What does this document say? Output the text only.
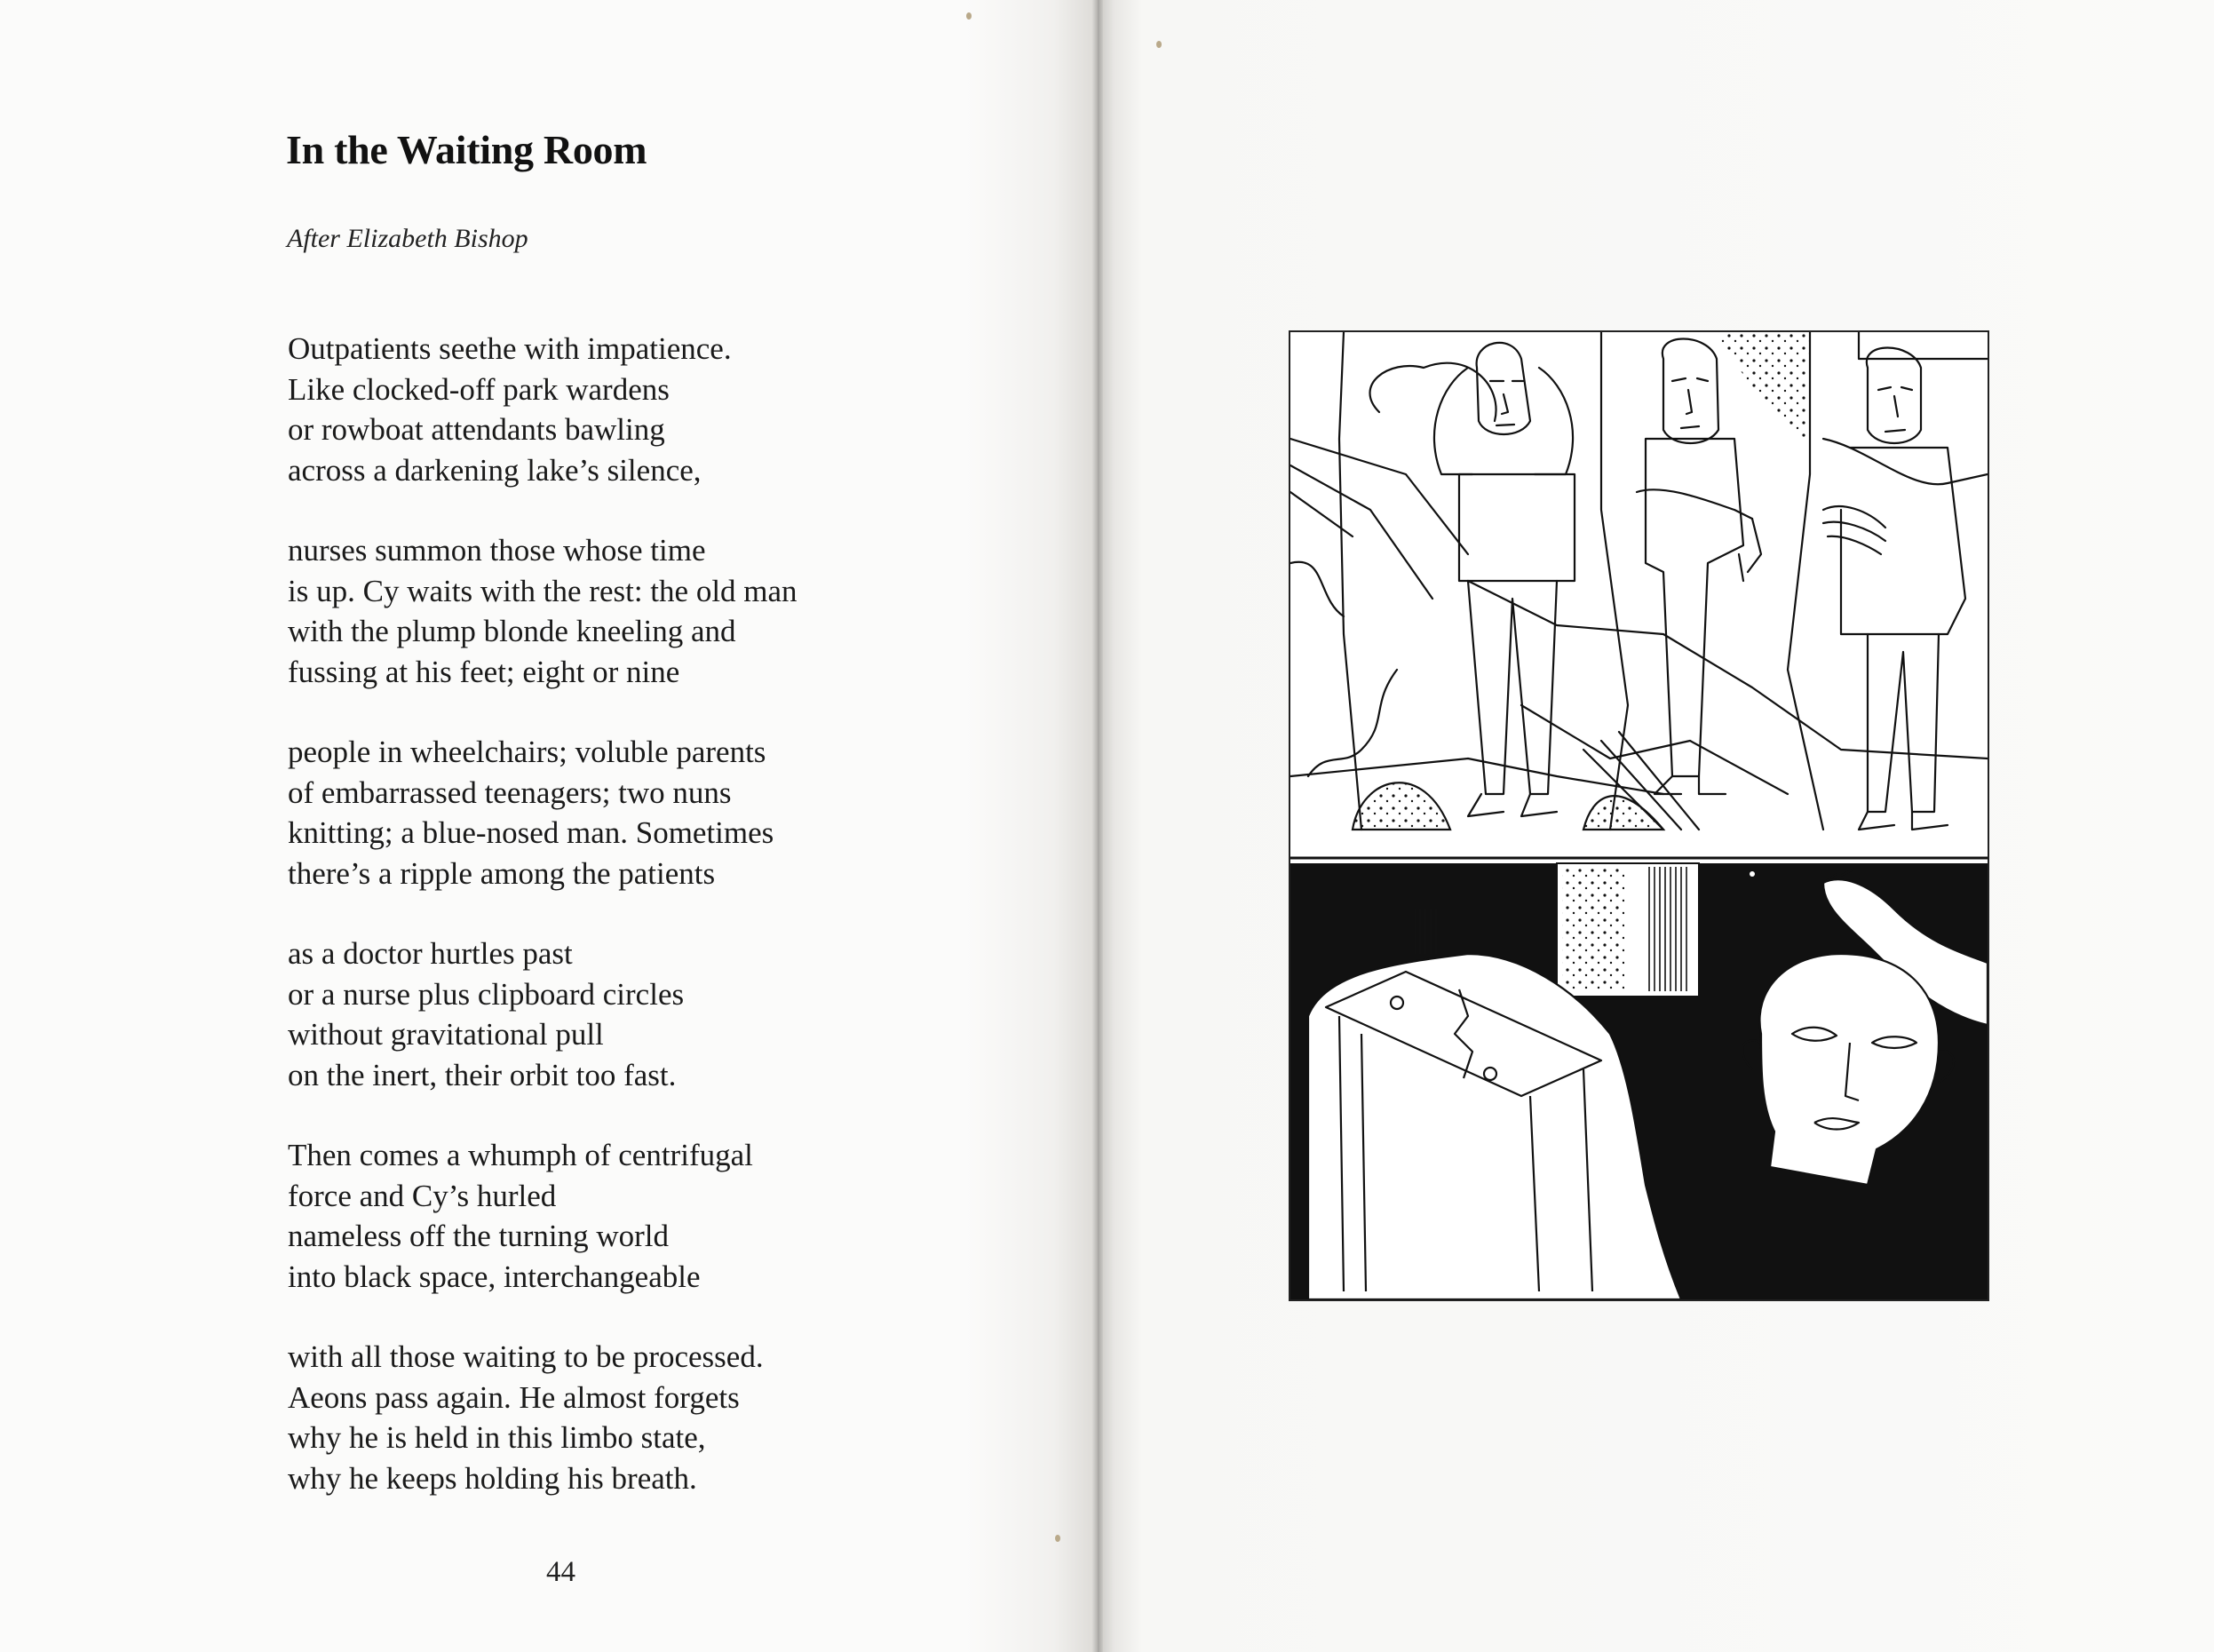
In the Waiting Room

After Elizabeth Bishop

Outpatients seethe with impatience.
Like clocked-off park wardens
or rowboat attendants bawling
across a darkening lake’s silence,

nurses summon those whose time
is up. Cy waits with the rest: the old man
with the plump blonde kneeling and
fussing at his feet; eight or nine

people in wheelchairs; voluble parents
of embarrassed teenagers; two nuns
knitting; a blue-nosed man. Sometimes
there’s a ripple among the patients

as a doctor hurtles past
or a nurse plus clipboard circles
without gravitational pull
on the inert, their orbit too fast.

Then comes a whumph of centrifugal
force and Cy’s hurled
nameless off the turning world
into black space, interchangeable

with all those waiting to be processed.
Aeons pass again. He almost forgets
why he is held in this limbo state,
why he keeps holding his breath.

44
